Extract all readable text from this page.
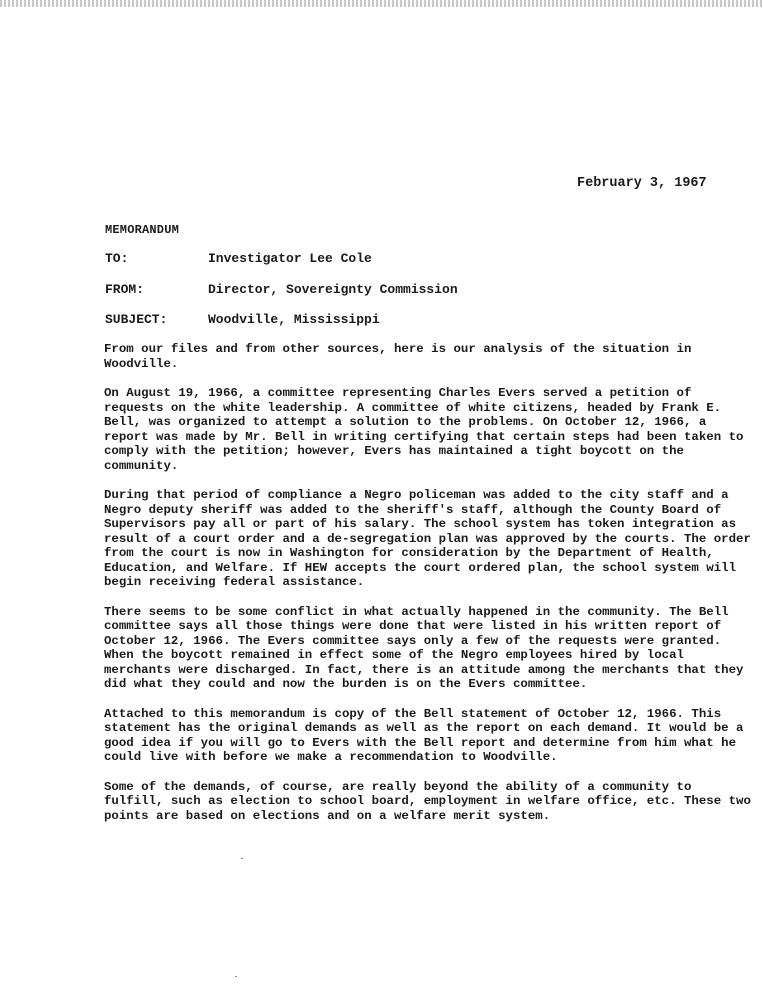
February 3, 1967
MEMORANDUM
TO:	Investigator Lee Cole
FROM:	Director, Sovereignty Commission
SUBJECT:	Woodville, Mississippi

From our files and from other sources, here is our analysis of the situation in Woodville.

On August 19, 1966, a committee representing Charles Evers served a petition of requests on the white leadership. A committee of white citizens, headed by Frank E. Bell, was organized to attempt a solution to the problems. On October 12, 1966, a report was made by Mr. Bell in writing certifying that certain steps had been taken to comply with the petition; however, Evers has maintained a tight boycott on the community.

During that period of compliance a Negro policeman was added to the city staff and a Negro deputy sheriff was added to the sheriff's staff, although the County Board of Supervisors pay all or part of his salary. The school system has token integration as result of a court order and a de-segregation plan was approved by the courts. The order from the court is now in Washington for consideration by the Department of Health, Education, and Welfare. If HEW accepts the court ordered plan, the school system will begin receiving federal assistance.

There seems to be some conflict in what actually happened in the community. The Bell committee says all those things were done that were listed in his written report of October 12, 1966. The Evers committee says only a few of the requests were granted. When the boycott remained in effect some of the Negro employees hired by local merchants were discharged. In fact, there is an attitude among the merchants that they did what they could and now the burden is on the Evers committee.

Attached to this memorandum is copy of the Bell statement of October 12, 1966. This statement has the original demands as well as the report on each demand. It would be a good idea if you will go to Evers with the Bell report and determine from him what he could live with before we make a recommendation to Woodville.

Some of the demands, of course, are really beyond the ability of a community to fulfill, such as election to school board, employment in welfare office, etc. These two points are based on elections and on a welfare merit system.
